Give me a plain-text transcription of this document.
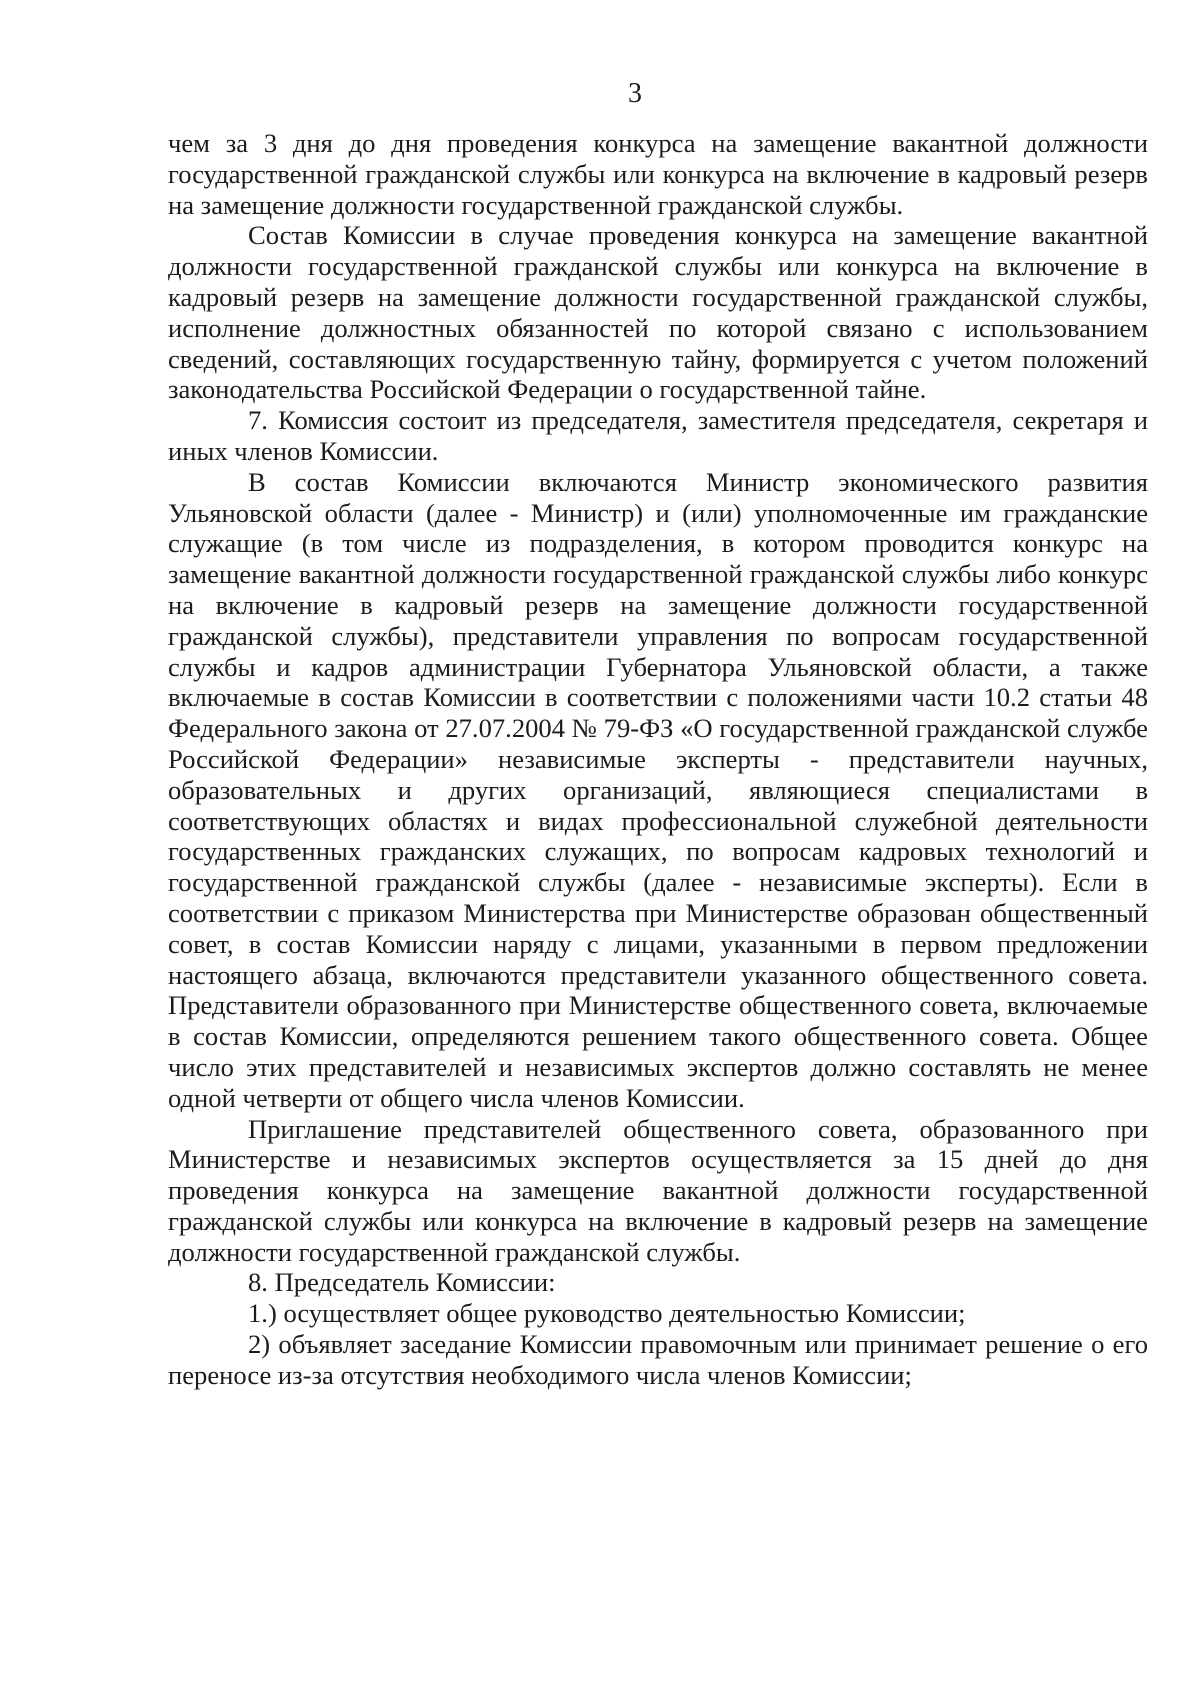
3

чем за 3 дня до дня проведения конкурса на замещение вакантной должности государственной гражданской службы или конкурса на включение в кадровый резерв на замещение должности государственной гражданской службы.

Состав Комиссии в случае проведения конкурса на замещение вакантной должности государственной гражданской службы или конкурса на включение в кадровый резерв на замещение должности государственной гражданской службы, исполнение должностных обязанностей по которой связано с использованием сведений, составляющих государственную тайну, формируется с учетом положений законодательства Российской Федерации о государственной тайне.

7. Комиссия состоит из председателя, заместителя председателя, секретаря и иных членов Комиссии.

В состав Комиссии включаются Министр экономического развития Ульяновской области (далее - Министр) и (или) уполномоченные им гражданские служащие (в том числе из подразделения, в котором проводится конкурс на замещение вакантной должности государственной гражданской службы либо конкурс на включение в кадровый резерв на замещение должности государственной гражданской службы), представители управления по вопросам государственной службы и кадров администрации Губернатора Ульяновской области, а также включаемые в состав Комиссии в соответствии с положениями части 10.2 статьи 48 Федерального закона от 27.07.2004 № 79-ФЗ «О государственной гражданской службе Российской Федерации» независимые эксперты - представители научных, образовательных и других организаций, являющиеся специалистами в соответствующих областях и видах профессиональной служебной деятельности государственных гражданских служащих, по вопросам кадровых технологий и государственной гражданской службы (далее - независимые эксперты). Если в соответствии с приказом Министерства при Министерстве образован общественный совет, в состав Комиссии наряду с лицами, указанными в первом предложении настоящего абзаца, включаются представители указанного общественного совета. Представители образованного при Министерстве общественного совета, включаемые в состав Комиссии, определяются решением такого общественного совета. Общее число этих представителей и независимых экспертов должно составлять не менее одной четверти от общего числа членов Комиссии.

Приглашение представителей общественного совета, образованного при Министерстве и независимых экспертов осуществляется за 15 дней до дня проведения конкурса на замещение вакантной должности государственной гражданской службы или конкурса на включение в кадровый резерв на замещение должности государственной гражданской службы.

8. Председатель Комиссии:

1.) осуществляет общее руководство деятельностью Комиссии;

2) объявляет заседание Комиссии правомочным или принимает решение о его переносе из-за отсутствия необходимого числа членов Комиссии;
